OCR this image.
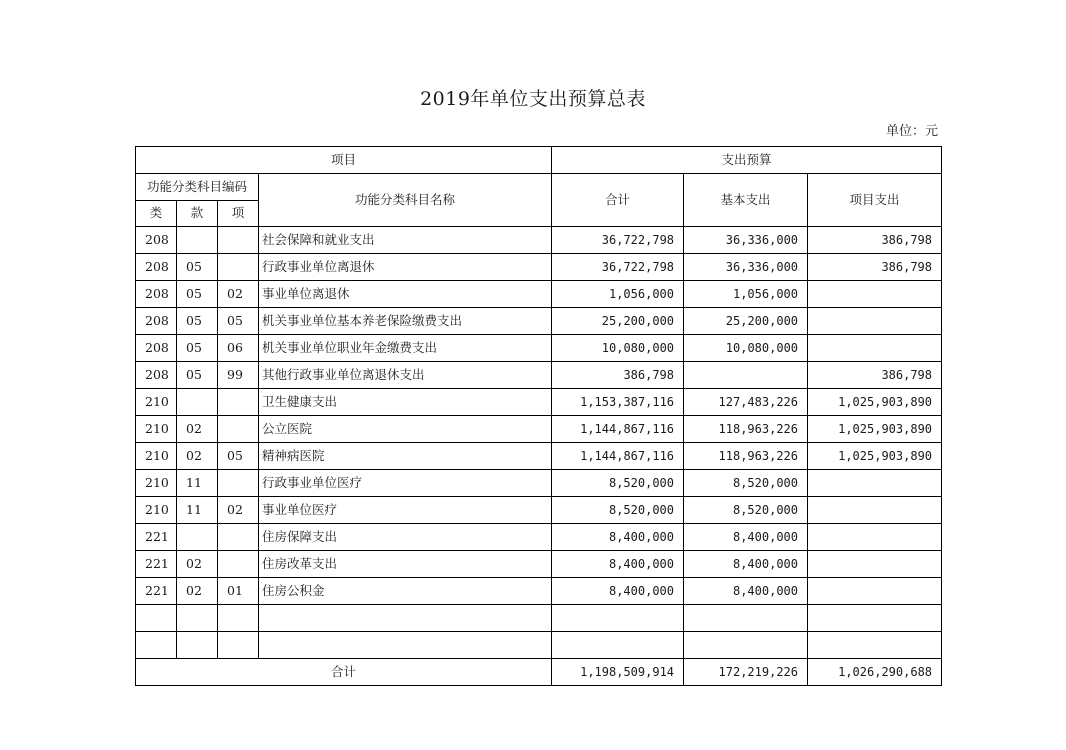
2019年单位支出预算总表
单位：元
项目				支出预算		
功能分类科目编码			功能分类科目名称	合计	基本支出	项目支出
类	款	项				
208			社会保障和就业支出	36,722,798	36,336,000	386,798
208	05		行政事业单位离退休	36,722,798	36,336,000	386,798
208	05	02	事业单位离退休	1,056,000	1,056,000	
208	05	05	机关事业单位基本养老保险缴费支出	25,200,000	25,200,000	
208	05	06	机关事业单位职业年金缴费支出	10,080,000	10,080,000	
208	05	99	其他行政事业单位离退休支出	386,798		386,798
210			卫生健康支出	1,153,387,116	127,483,226	1,025,903,890
210	02		公立医院	1,144,867,116	118,963,226	1,025,903,890
210	02	05	精神病医院	1,144,867,116	118,963,226	1,025,903,890
210	11		行政事业单位医疗	8,520,000	8,520,000	
210	11	02	事业单位医疗	8,520,000	8,520,000	
221			住房保障支出	8,400,000	8,400,000	
221	02		住房改革支出	8,400,000	8,400,000	
221	02	01	住房公积金	8,400,000	8,400,000	

合计				1,198,509,914	172,219,226	1,026,290,688
